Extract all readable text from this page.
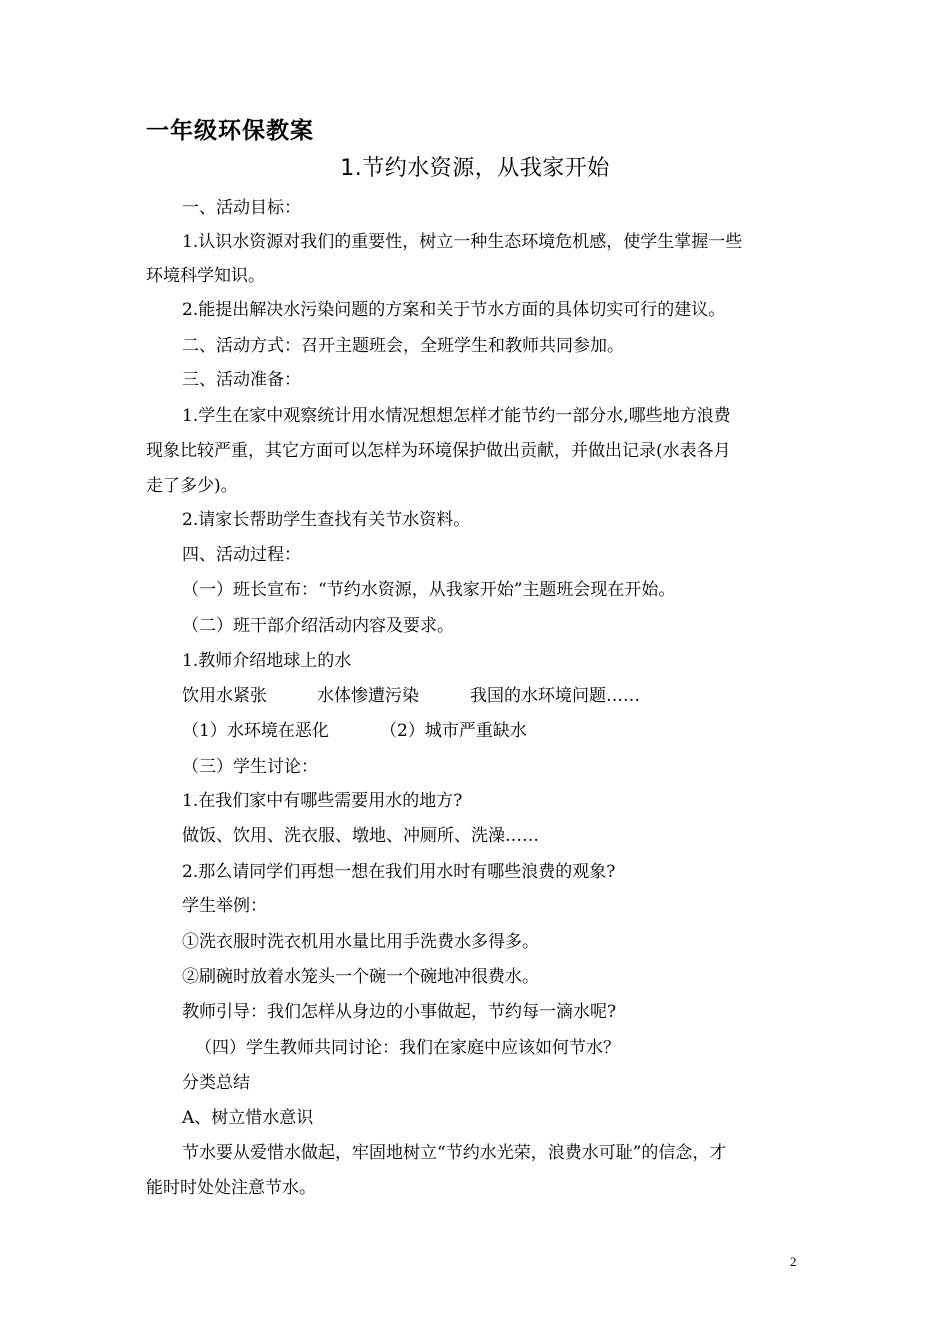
一年级环保教案
1.节约水资源，从我家开始
一、活动目标：
1.认识水资源对我们的重要性，树立一种生态环境危机感，使学生掌握一些
环境科学知识。
2.能提出解决水污染问题的方案和关于节水方面的具体切实可行的建议。
二、活动方式：召开主题班会，全班学生和教师共同参加。
三、活动准备：
1.学生在家中观察统计用水情况想想怎样才能节约一部分水,哪些地方浪费
现象比较严重，其它方面可以怎样为环境保护做出贡献，并做出记录(水表各月
走了多少)。
2.请家长帮助学生查找有关节水资料。
四、活动过程：
（一）班长宣布：“节约水资源，从我家开始”主题班会现在开始。
（二）班干部介绍活动内容及要求。
1.教师介绍地球上的水
饮用水紧张	水体惨遭污染	我国的水环境问题……
（1）水环境在恶化	（2）城市严重缺水
（三）学生讨论：
1.在我们家中有哪些需要用水的地方?
做饭、饮用、洗衣服、墩地、冲厕所、洗澡……
2.那么请同学们再想一想在我们用水时有哪些浪费的观象?
学生举例：
①洗衣服时洗衣机用水量比用手洗费水多得多。
②刷碗时放着水笼头一个碗一个碗地冲很费水。
教师引导：我们怎样从身边的小事做起，节约每一滴水呢?
（四）学生教师共同讨论：我们在家庭中应该如何节水？
分类总结
A、树立惜水意识
节水要从爱惜水做起，牢固地树立“节约水光荣，浪费水可耻”的信念，才
能时时处处注意节水。
2
